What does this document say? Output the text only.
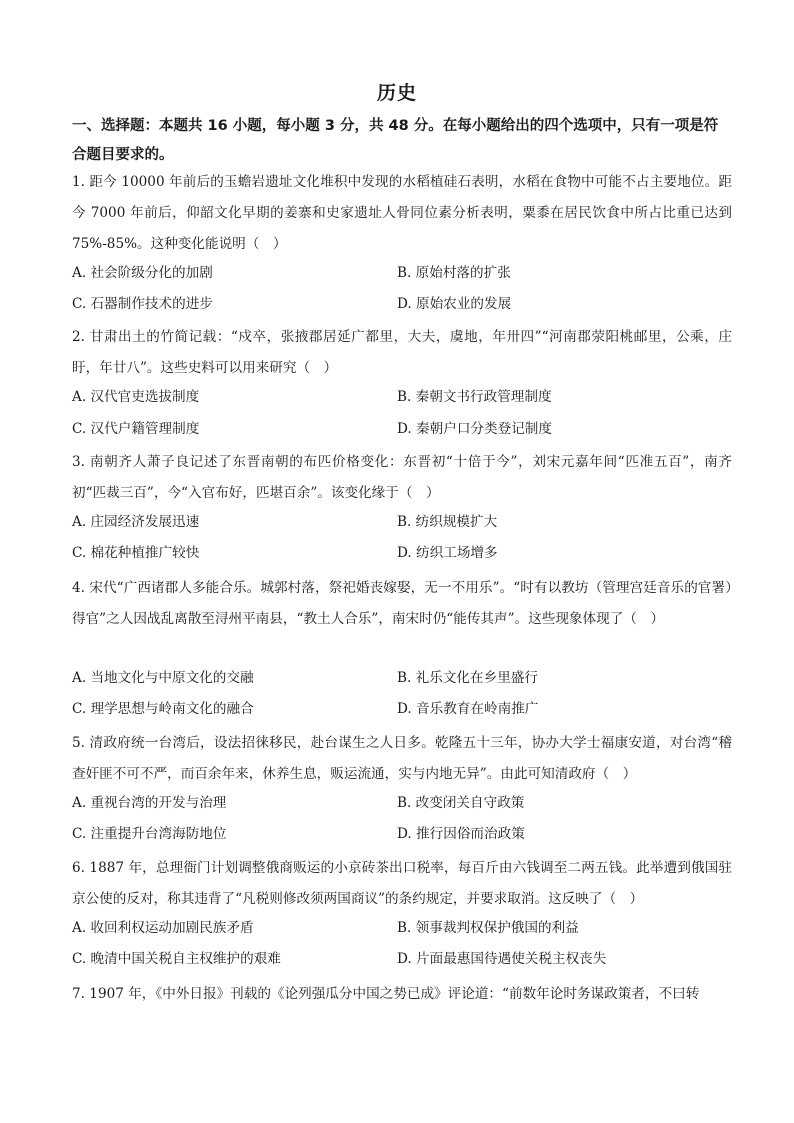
历史
一、选择题：本题共 16 小题，每小题 3 分，共 48 分。在每小题给出的四个选项中，只有一项是符合题目要求的。
1. 距今 10000 年前后的玉蟾岩遗址文化堆积中发现的水稻植硅石表明，水稻在食物中可能不占主要地位。距今 7000 年前后，仰韶文化早期的姜寨和史家遗址人骨同位素分析表明，粟黍在居民饮食中所占比重已达到 75%-85%。这种变化能说明（　）
A. 社会阶级分化的加剧	B. 原始村落的扩张
C. 石器制作技术的进步	D. 原始农业的发展
2. 甘肃出土的竹简记载：“戍卒，张掖郡居延广都里，大夫，虞地，年卅四”“河南郡荥阳桃邮里，公乘，庄盱，年廿八”。这些史料可以用来研究（　）
A. 汉代官吏选拔制度	B. 秦朝文书行政管理制度
C. 汉代户籍管理制度	D. 秦朝户口分类登记制度
3. 南朝齐人萧子良记述了东晋南朝的布匹价格变化：东晋初“十倍于今”，刘宋元嘉年间“匹准五百”，南齐初“匹裁三百”，今“入官布好，匹堪百余”。该变化缘于（　）
A. 庄园经济发展迅速	B. 纺织规模扩大
C. 棉花种植推广较快	D. 纺织工场增多
4. 宋代“广西诸郡人多能合乐。城郭村落，祭祀婚丧嫁娶，无一不用乐”。“时有以教坊（管理宫廷音乐的官署）得官”之人因战乱离散至浔州平南县，“教土人合乐”，南宋时仍“能传其声”。这些现象体现了（　）
A. 当地文化与中原文化的交融	B. 礼乐文化在乡里盛行
C. 理学思想与岭南文化的融合	D. 音乐教育在岭南推广
5. 清政府统一台湾后，设法招徕移民，赴台谋生之人日多。乾隆五十三年，协办大学士福康安道，对台湾“稽查奸匪不可不严，而百余年来，休养生息，贩运流通，实与内地无异”。由此可知清政府（　）
A. 重视台湾的开发与治理	B. 改变闭关自守政策
C. 注重提升台湾海防地位	D. 推行因俗而治政策
6. 1887 年，总理衙门计划调整俄商贩运的小京砖茶出口税率，每百斤由六钱调至二两五钱。此举遭到俄国驻京公使的反对，称其违背了“凡税则修改须两国商议”的条约规定，并要求取消。这反映了（　）
A. 收回利权运动加剧民族矛盾	B. 领事裁判权保护俄国的利益
C. 晚清中国关税自主权维护的艰难	D. 片面最惠国待遇使关税主权丧失
7. 1907 年，《中外日报》刊载的《论列强瓜分中国之势已成》评论道：“前数年论时务谋政策者，不曰转
